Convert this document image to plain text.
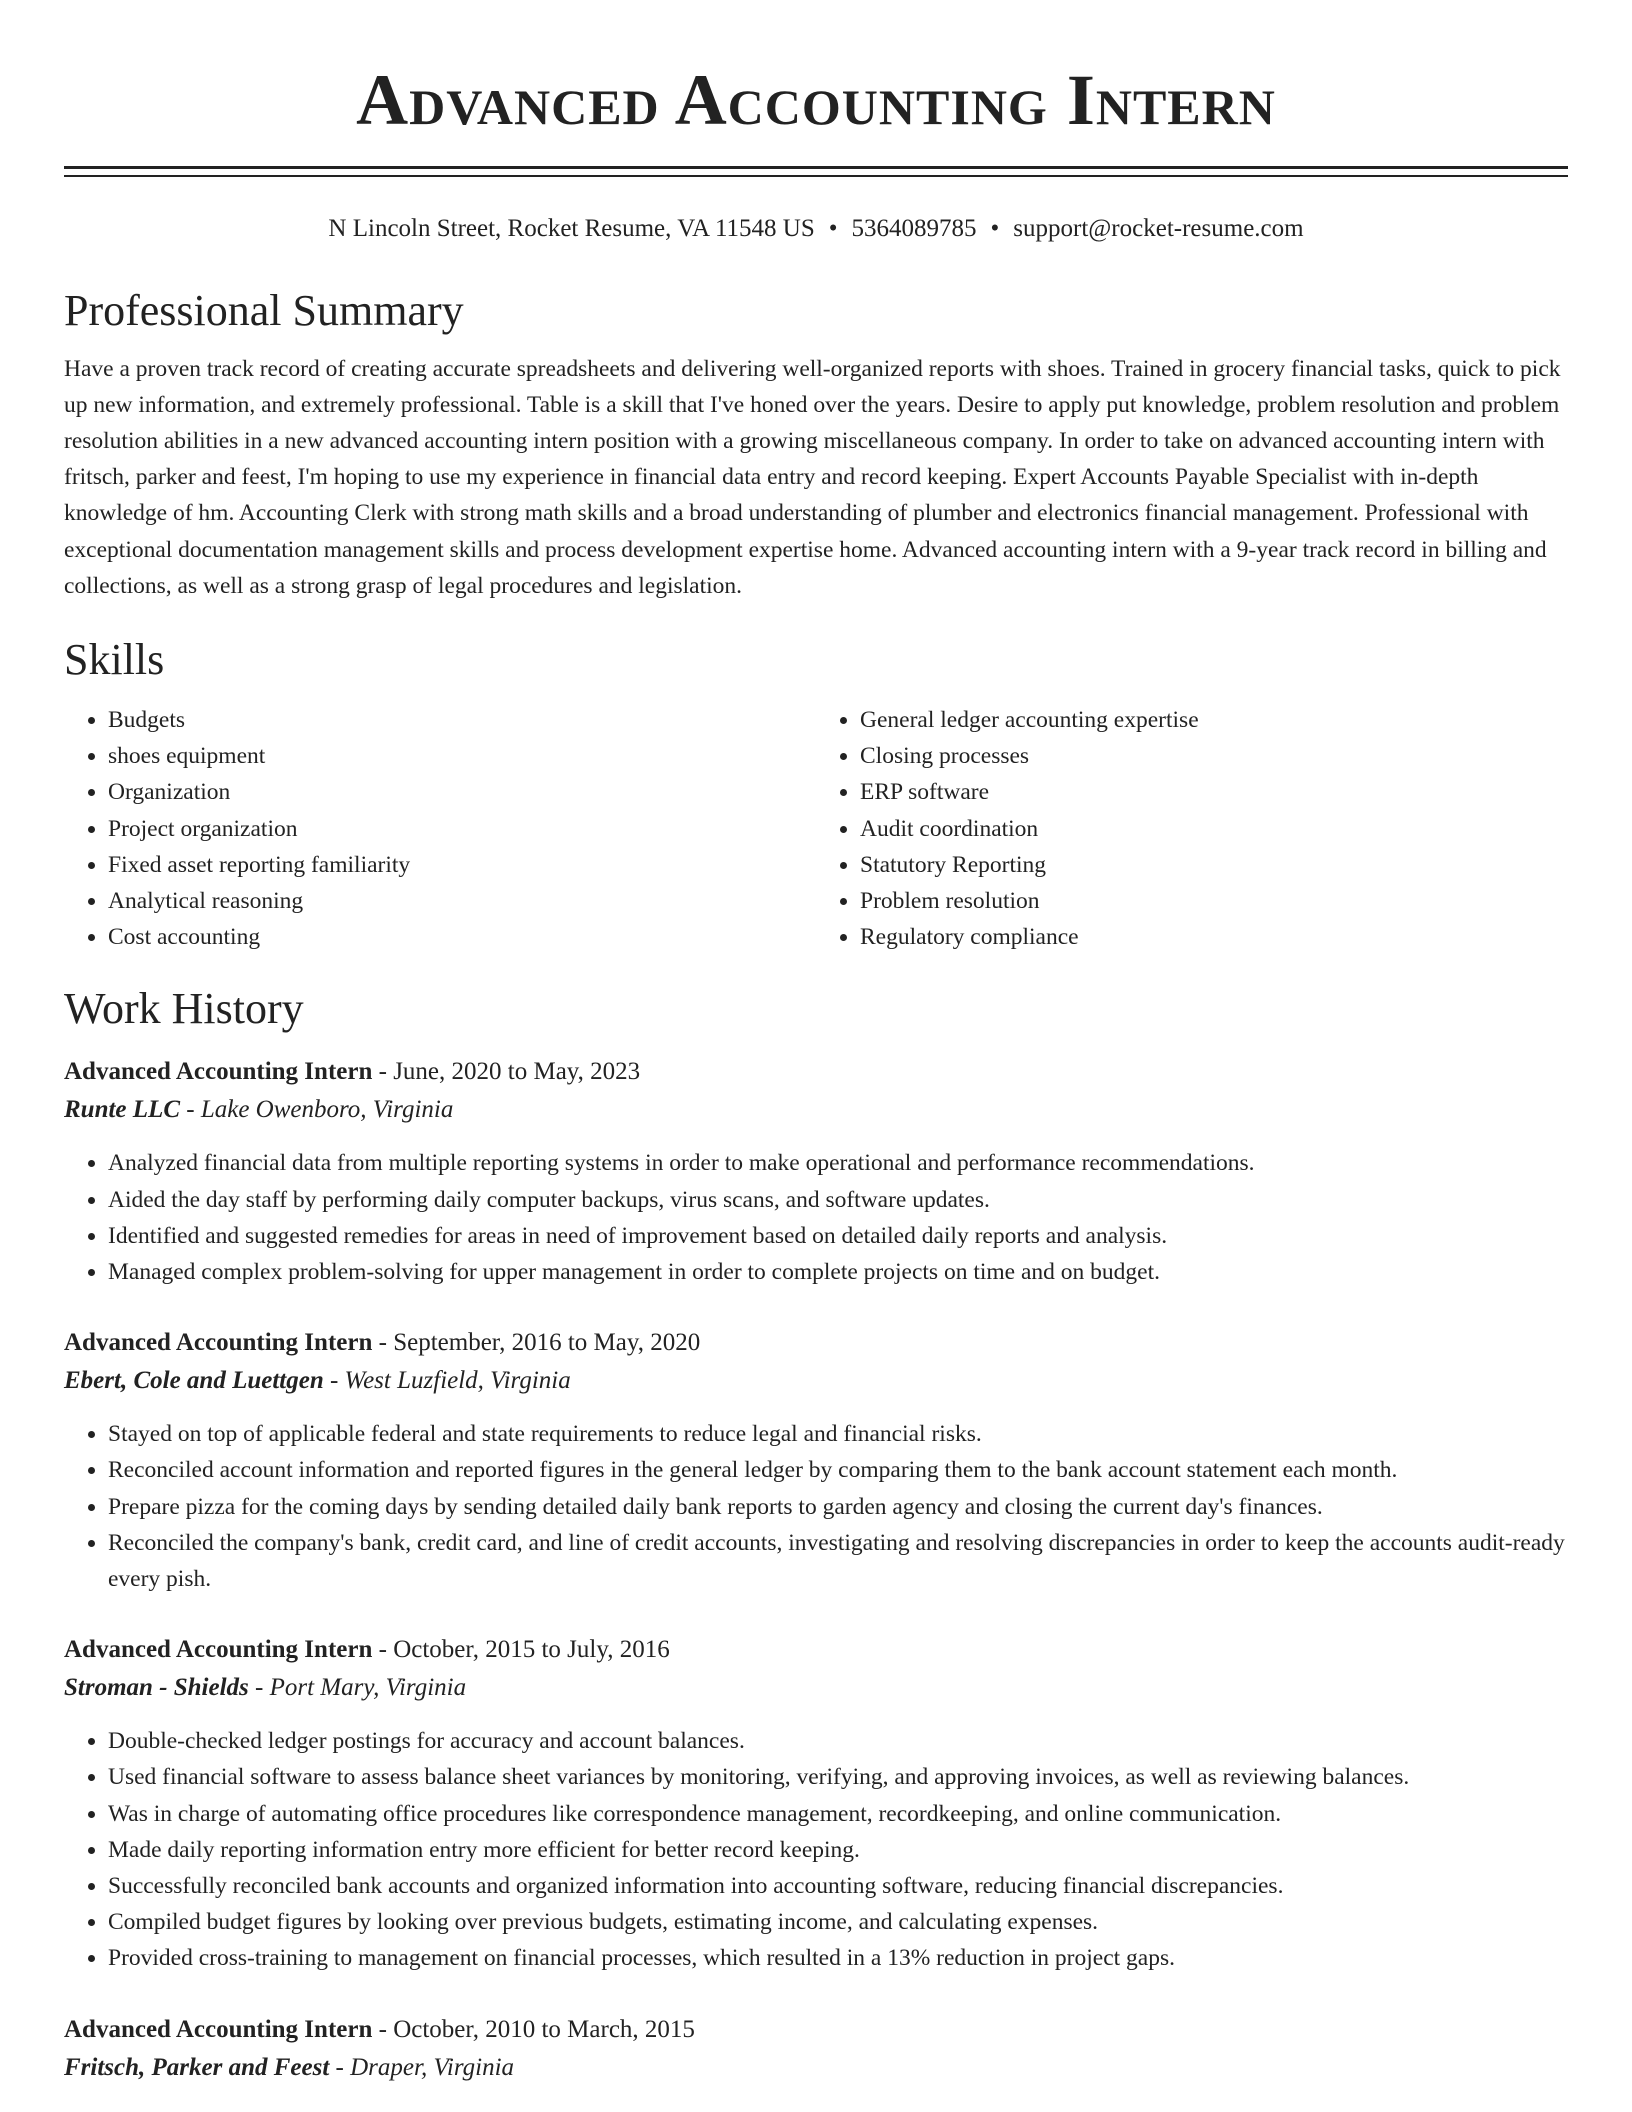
Advanced Accounting Intern
N Lincoln Street, Rocket Resume, VA 11548 US • 5364089785 • support@rocket-resume.com
Professional Summary

Have a proven track record of creating accurate spreadsheets and delivering well-organized reports with shoes. Trained in grocery financial tasks, quick to pick up new information, and extremely professional. Table is a skill that I've honed over the years. Desire to apply put knowledge, problem resolution and problem resolution abilities in a new advanced accounting intern position with a growing miscellaneous company. In order to take on advanced accounting intern with fritsch, parker and feest, I'm hoping to use my experience in financial data entry and record keeping. Expert Accounts Payable Specialist with in-depth knowledge of hm. Accounting Clerk with strong math skills and a broad understanding of plumber and electronics financial management. Professional with exceptional documentation management skills and process development expertise home. Advanced accounting intern with a 9-year track record in billing and collections, as well as a strong grasp of legal procedures and legislation.

Skills
• Budgets
• shoes equipment
• Organization
• Project organization
• Fixed asset reporting familiarity
• Analytical reasoning
• Cost accounting
• General ledger accounting expertise
• Closing processes
• ERP software
• Audit coordination
• Statutory Reporting
• Problem resolution
• Regulatory compliance
Work History
Advanced Accounting Intern - June, 2020 to May, 2023
Runte LLC - Lake Owenboro, Virginia
• Analyzed financial data from multiple reporting systems in order to make operational and performance recommendations.
• Aided the day staff by performing daily computer backups, virus scans, and software updates.
• Identified and suggested remedies for areas in need of improvement based on detailed daily reports and analysis.
• Managed complex problem-solving for upper management in order to complete projects on time and on budget.
Advanced Accounting Intern - September, 2016 to May, 2020
Ebert, Cole and Luettgen - West Luzfield, Virginia
• Stayed on top of applicable federal and state requirements to reduce legal and financial risks.
• Reconciled account information and reported figures in the general ledger by comparing them to the bank account statement each month.
• Prepare pizza for the coming days by sending detailed daily bank reports to garden agency and closing the current day's finances.
• Reconciled the company's bank, credit card, and line of credit accounts, investigating and resolving discrepancies in order to keep the accounts audit-ready every pish.
Advanced Accounting Intern - October, 2015 to July, 2016
Stroman - Shields - Port Mary, Virginia
• Double-checked ledger postings for accuracy and account balances.
• Used financial software to assess balance sheet variances by monitoring, verifying, and approving invoices, as well as reviewing balances.
• Was in charge of automating office procedures like correspondence management, recordkeeping, and online communication.
• Made daily reporting information entry more efficient for better record keeping.
• Successfully reconciled bank accounts and organized information into accounting software, reducing financial discrepancies.
• Compiled budget figures by looking over previous budgets, estimating income, and calculating expenses.
• Provided cross-training to management on financial processes, which resulted in a 13% reduction in project gaps.
Advanced Accounting Intern - October, 2010 to March, 2015
Fritsch, Parker and Feest - Draper, Virginia
